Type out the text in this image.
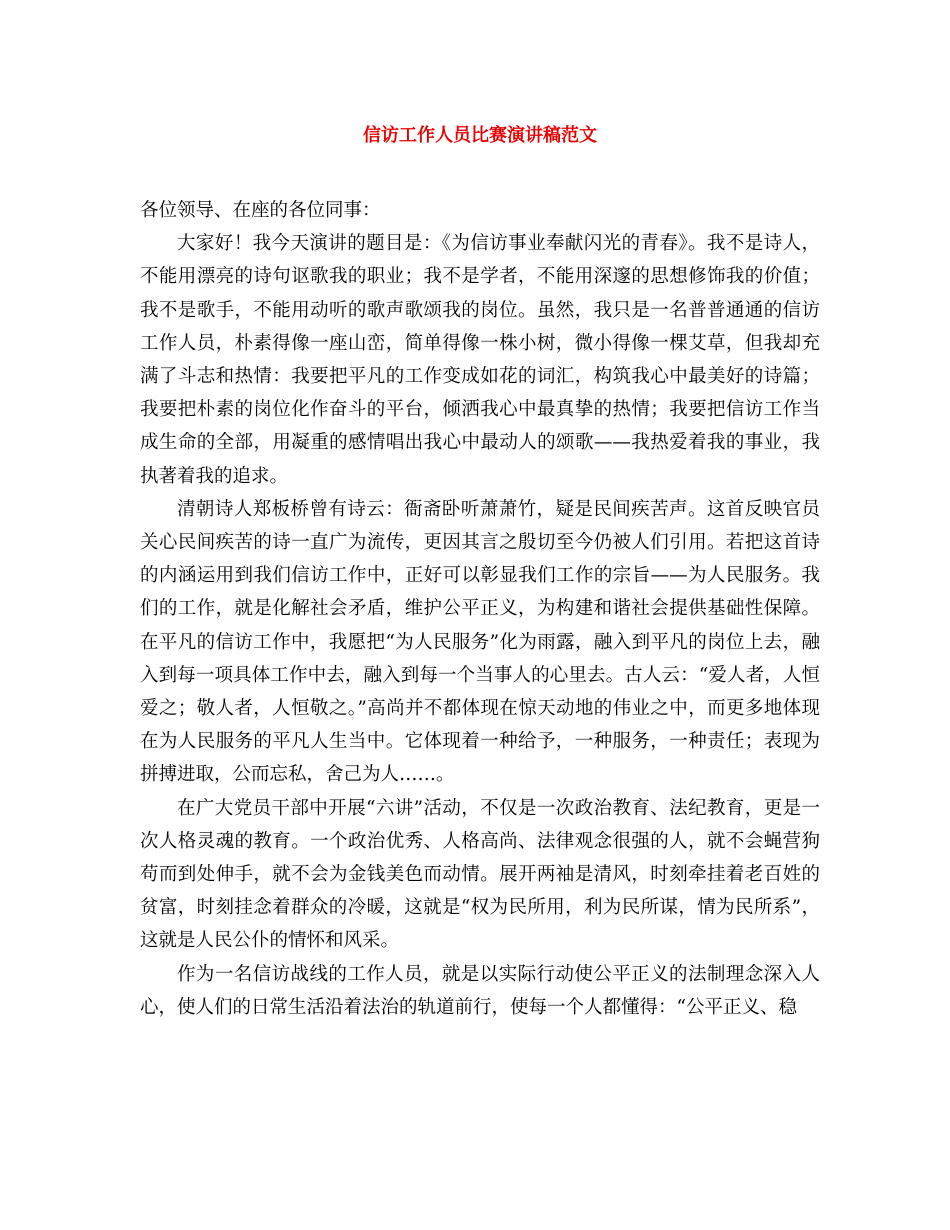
信访工作人员比赛演讲稿范文

各位领导、在座的各位同事：

大家好！我今天演讲的题目是：《为信访事业奉献闪光的青春》。我不是诗人，不能用漂亮的诗句讴歌我的职业；我不是学者，不能用深邃的思想修饰我的价值；我不是歌手，不能用动听的歌声歌颂我的岗位。虽然，我只是一名普普通通的信访工作人员，朴素得像一座山峦，简单得像一株小树，微小得像一棵艾草，但我却充满了斗志和热情：我要把平凡的工作变成如花的词汇，构筑我心中最美好的诗篇；我要把朴素的岗位化作奋斗的平台，倾洒我心中最真挚的热情；我要把信访工作当成生命的全部，用凝重的感情唱出我心中最动人的颂歌——我热爱着我的事业，我执著着我的追求。

清朝诗人郑板桥曾有诗云：衙斋卧听萧萧竹，疑是民间疾苦声。这首反映官员关心民间疾苦的诗一直广为流传，更因其言之殷切至今仍被人们引用。若把这首诗的内涵运用到我们信访工作中，正好可以彰显我们工作的宗旨——为人民服务。我们的工作，就是化解社会矛盾，维护公平正义，为构建和谐社会提供基础性保障。在平凡的信访工作中，我愿把“为人民服务”化为雨露，融入到平凡的岗位上去，融入到每一项具体工作中去，融入到每一个当事人的心里去。古人云：“爱人者，人恒爱之；敬人者，人恒敬之。”高尚并不都体现在惊天动地的伟业之中，而更多地体现在为人民服务的平凡人生当中。它体现着一种给予，一种服务，一种责任；表现为拼搏进取，公而忘私，舍己为人……。

在广大党员干部中开展“六讲”活动，不仅是一次政治教育、法纪教育，更是一次人格灵魂的教育。一个政治优秀、人格高尚、法律观念很强的人，就不会蝇营狗苟而到处伸手，就不会为金钱美色而动情。展开两袖是清风，时刻牵挂着老百姓的贫富，时刻挂念着群众的冷暖，这就是“权为民所用，利为民所谋，情为民所系”，这就是人民公仆的情怀和风采。

作为一名信访战线的工作人员，就是以实际行动使公平正义的法制理念深入人心，使人们的日常生活沿着法治的轨道前行，使每一个人都懂得：“公平正义、稳
